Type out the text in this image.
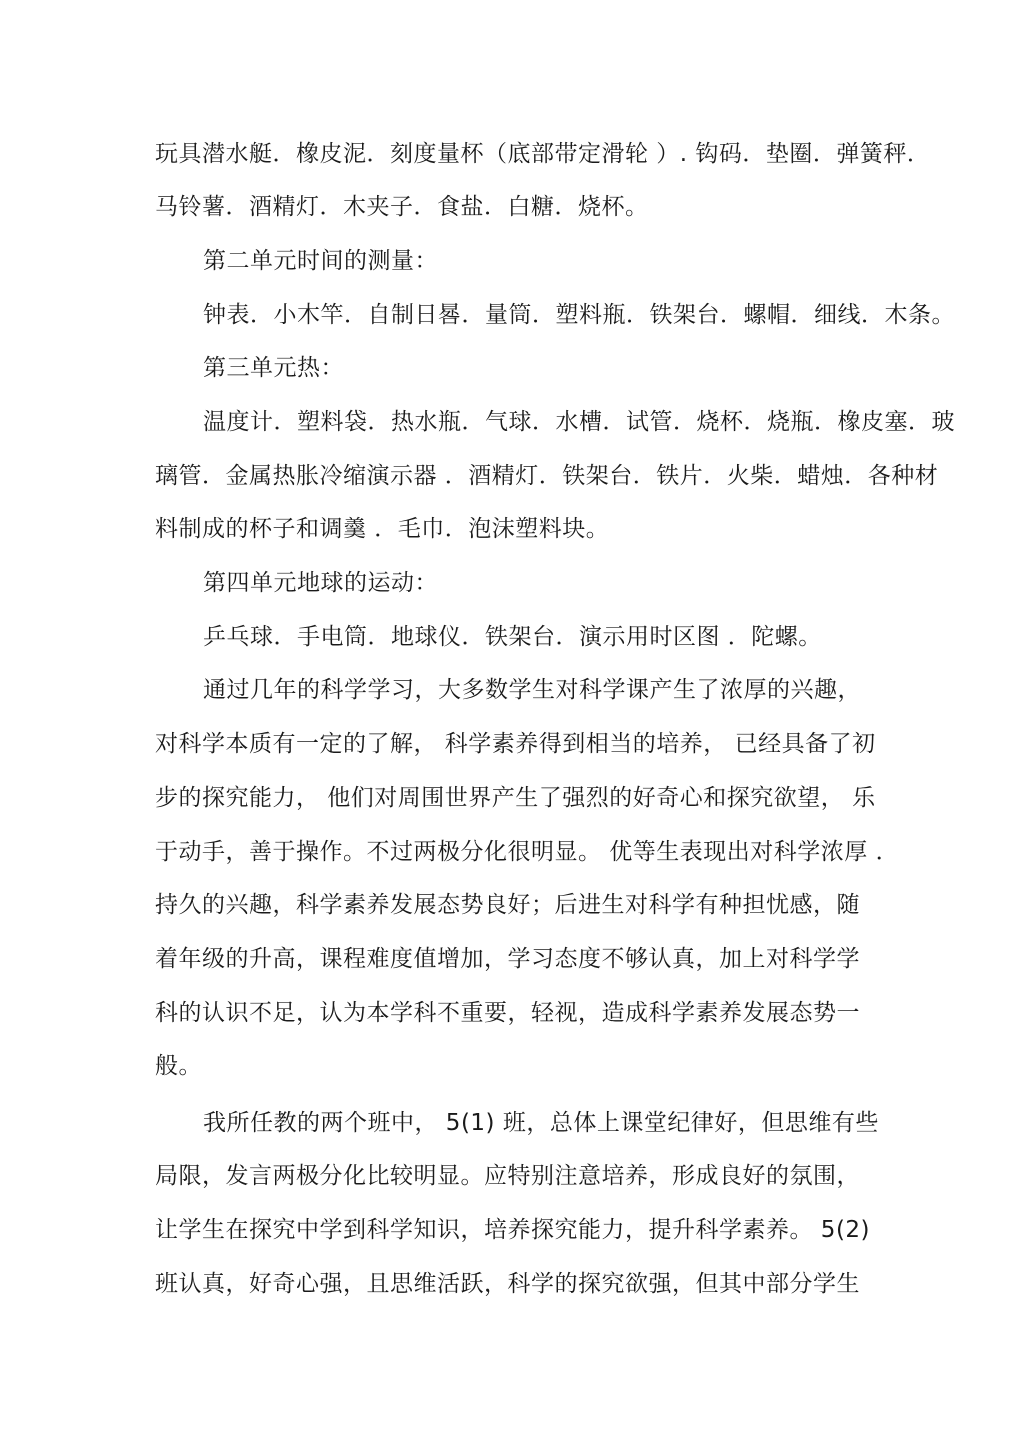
玩具潜水艇．橡皮泥．刻度量杯（底部带定滑轮 ）. 钩码．垫圈．弹簧秤．
马铃薯．酒精灯．木夹子．食盐．白糖．烧杯。
第二单元时间的测量：
钟表．小木竿．自制日晷．量筒．塑料瓶．铁架台．螺帽．细线．木条。
第三单元热：
温度计．塑料袋．热水瓶．气球．水槽．试管．烧杯．烧瓶．橡皮塞．玻
璃管．金属热胀冷缩演示器 ．酒精灯．铁架台．铁片．火柴．蜡烛．各种材
料制成的杯子和调羹 ．毛巾．泡沫塑料块。
第四单元地球的运动：
乒乓球．手电筒．地球仪．铁架台．演示用时区图 ．陀螺。
通过几年的科学学习，大多数学生对科学课产生了浓厚的兴趣，
对科学本质有一定的了解， 科学素养得到相当的培养， 已经具备了初
步的探究能力， 他们对周围世界产生了强烈的好奇心和探究欲望， 乐
于动手，善于操作。不过两极分化很明显。 优等生表现出对科学浓厚 ．
持久的兴趣，科学素养发展态势良好；后进生对科学有种担忧感，随
着年级的升高，课程难度值增加，学习态度不够认真，加上对科学学
科的认识不足，认为本学科不重要，轻视，造成科学素养发展态势一
般。
我所任教的两个班中， 5(1) 班，总体上课堂纪律好，但思维有些
局限，发言两极分化比较明显。应特别注意培养，形成良好的氛围，
让学生在探究中学到科学知识，培养探究能力，提升科学素养。 5(2)
班认真，好奇心强，且思维活跃，科学的探究欲强，但其中部分学生
